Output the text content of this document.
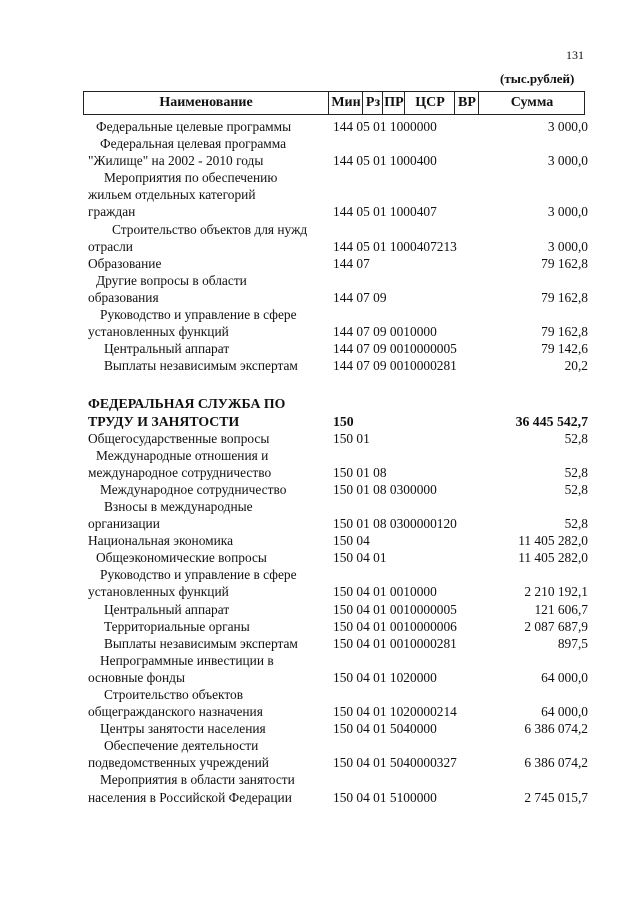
131
(тыс.рублей)
Наименование	Мин Рз ПР ЦСР ВР	Сумма
Федеральные целевые программы	144 05 01 1000000	3 000,0
Федеральная целевая программа
"Жилище" на 2002 - 2010 годы	144 05 01 1000400	3 000,0
Мероприятия по обеспечению
жильем отдельных категорий
граждан	144 05 01 1000407	3 000,0
Строительство объектов для нужд
отрасли	144 05 01 1000407213	3 000,0
Образование	144 07	79 162,8
Другие вопросы в области
образования	144 07 09	79 162,8
Руководство и управление в сфере
установленных функций	144 07 09 0010000	79 162,8
Центральный аппарат	144 07 09 0010000005	79 142,6
Выплаты независимым экспертам	144 07 09 0010000281	20,2
ФЕДЕРАЛЬНАЯ СЛУЖБА ПО
ТРУДУ И ЗАНЯТОСТИ	150	36 445 542,7
Общегосударственные вопросы	150 01	52,8
Международные отношения и
международное сотрудничество	150 01 08	52,8
Международное сотрудничество	150 01 08 0300000	52,8
Взносы в международные
организации	150 01 08 0300000120	52,8
Национальная экономика	150 04	11 405 282,0
Общеэкономические вопросы	150 04 01	11 405 282,0
Руководство и управление в сфере
установленных функций	150 04 01 0010000	2 210 192,1
Центральный аппарат	150 04 01 0010000005	121 606,7
Территориальные органы	150 04 01 0010000006	2 087 687,9
Выплаты независимым экспертам	150 04 01 0010000281	897,5
Непрограммные инвестиции в
основные фонды	150 04 01 1020000	64 000,0
Строительство объектов
общегражданского назначения	150 04 01 1020000214	64 000,0
Центры занятости населения	150 04 01 5040000	6 386 074,2
Обеспечение деятельности
подведомственных учреждений	150 04 01 5040000327	6 386 074,2
Мероприятия в области занятости
населения в Российской Федерации	150 04 01 5100000	2 745 015,7
